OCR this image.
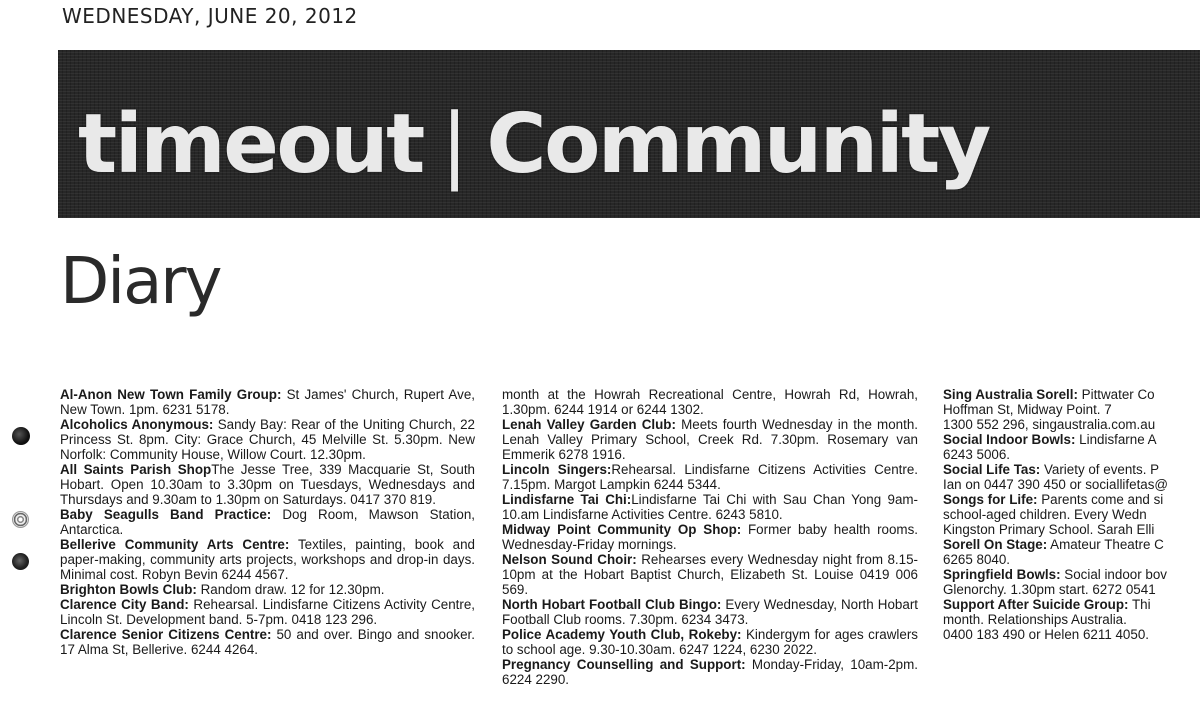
WEDNESDAY, JUNE 20, 2012
timeout | Community
Diary

Al-Anon New Town Family Group: St James' Church, Rupert Ave, New Town. 1pm. 6231 5178.

Alcoholics Anonymous: Sandy Bay: Rear of the Uniting Church, 22 Princess St. 8pm. City: Grace Church, 45 Melville St. 5.30pm. New Norfolk: Community House, Willow Court. 12.30pm.

All Saints Parish ShopThe Jesse Tree, 339 Macquarie St, South Hobart. Open 10.30am to 3.30pm on Tuesdays, Wednesdays and Thursdays and 9.30am to 1.30pm on Saturdays. 0417 370 819.

Baby Seagulls Band Practice: Dog Room, Mawson Station, Antarctica.

Bellerive Community Arts Centre: Textiles, painting, book and paper-making, community arts projects, workshops and drop-in days. Minimal cost. Robyn Bevin 6244 4567.

Brighton Bowls Club: Random draw. 12 for 12.30pm.

Clarence City Band: Rehearsal. Lindisfarne Citizens Activity Centre, Lincoln St. Development band. 5-7pm. 0418 123 296.

Clarence Senior Citizens Centre: 50 and over. Bingo and snooker. 17 Alma St, Bellerive. 6244 4264.

month at the Howrah Recreational Centre, Howrah Rd, Howrah, 1.30pm. 6244 1914 or 6244 1302.

Lenah Valley Garden Club: Meets fourth Wednesday in the month. Lenah Valley Primary School, Creek Rd. 7.30pm. Rosemary van Emmerik 6278 1916.

Lincoln Singers:Rehearsal. Lindisfarne Citizens Activities Centre. 7.15pm. Margot Lampkin 6244 5344.

Lindisfarne Tai Chi:Lindisfarne Tai Chi with Sau Chan Yong 9am-10.am Lindisfarne Activities Centre. 6243 5810.

Midway Point Community Op Shop: Former baby health rooms. Wednesday-Friday mornings.

Nelson Sound Choir: Rehearses every Wednesday night from 8.15-10pm at the Hobart Baptist Church, Elizabeth St. Louise 0419 006 569.

North Hobart Football Club Bingo: Every Wednesday, North Hobart Football Club rooms. 7.30pm. 6234 3473.

Police Academy Youth Club, Rokeby: Kindergym for ages crawlers to school age. 9.30-10.30am. 6247 1224, 6230 2022.

Pregnancy Counselling and Support: Monday-Friday, 10am-2pm. 6224 2290.

Sing Australia Sorell: Pittwater Co

Hoffman St, Midway Point. 7

1300 552 296, singaustralia.com.au

Social Indoor Bowls: Lindisfarne A

6243 5006.

Social Life Tas: Variety of events. P

Ian on 0447 390 450 or sociallifetas@

Songs for Life: Parents come and si

school-aged children. Every Wedn

Kingston Primary School. Sarah Elli

Sorell On Stage: Amateur Theatre C

6265 8040.

Springfield Bowls: Social indoor bov

Glenorchy. 1.30pm start. 6272 0541

Support After Suicide Group: Thi

month. Relationships Australia.

0400 183 490 or Helen 6211 4050.
